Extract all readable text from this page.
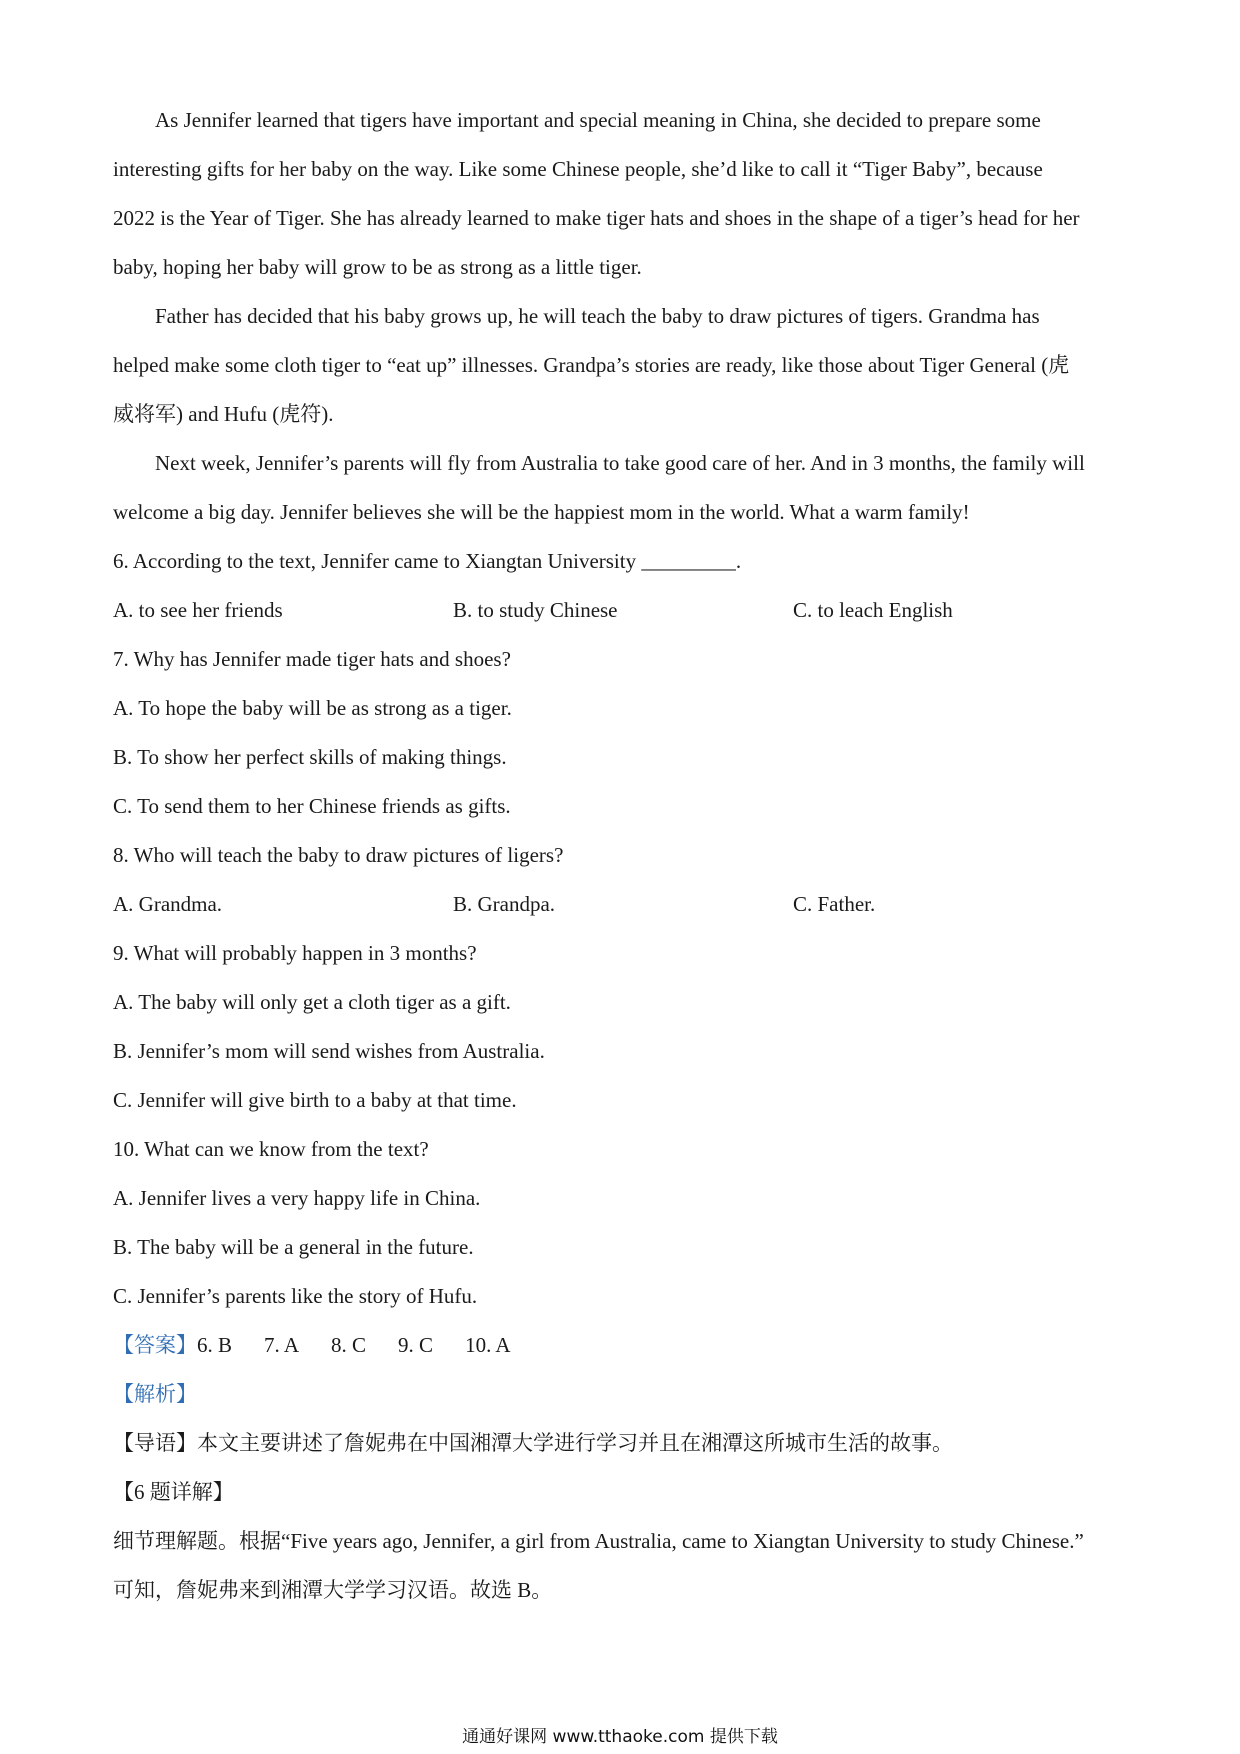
As Jennifer learned that tigers have important and special meaning in China, she decided to prepare some

interesting gifts for her baby on the way. Like some Chinese people, she’d like to call it “Tiger Baby”, because

2022 is the Year of Tiger. She has already learned to make tiger hats and shoes in the shape of a tiger’s head for her

baby, hoping her baby will grow to be as strong as a little tiger.

Father has decided that his baby grows up, he will teach the baby to draw pictures of tigers. Grandma has

helped make some cloth tiger to “eat up” illnesses. Grandpa’s stories are ready, like those about Tiger General (虎

威将军) and Hufu (虎符).

Next week, Jennifer’s parents will fly from Australia to take good care of her. And in 3 months, the family will

welcome a big day. Jennifer believes she will be the happiest mom in the world. What a warm family!

6. According to the text, Jennifer came to Xiangtan University _________.

A. to see her friends	B. to study Chinese	C. to leach English

7. Why has Jennifer made tiger hats and shoes?

A. To hope the baby will be as strong as a tiger.

B. To show her perfect skills of making things.

C. To send them to her Chinese friends as gifts.

8. Who will teach the baby to draw pictures of ligers?

A. Grandma.	B. Grandpa.	C. Father.

9. What will probably happen in 3 months?

A. The baby will only get a cloth tiger as a gift.

B. Jennifer’s mom will send wishes from Australia.

C. Jennifer will give birth to a baby at that time.

10. What can we know from the text?

A. Jennifer lives a very happy life in China.

B. The baby will be a general in the future.

C. Jennifer’s parents like the story of Hufu.

【答案】6. B 7. A 8. C 9. C 10. A

【解析】

【导语】本文主要讲述了詹妮弗在中国湘潭大学进行学习并且在湘潭这所城市生活的故事。

【6 题详解】

细节理解题。根据“Five years ago, Jennifer, a girl from Australia, came to Xiangtan University to study Chinese.”

可知，詹妮弗来到湘潭大学学习汉语。故选 B。

通通好课网 www.tthaoke.com 提供下载
